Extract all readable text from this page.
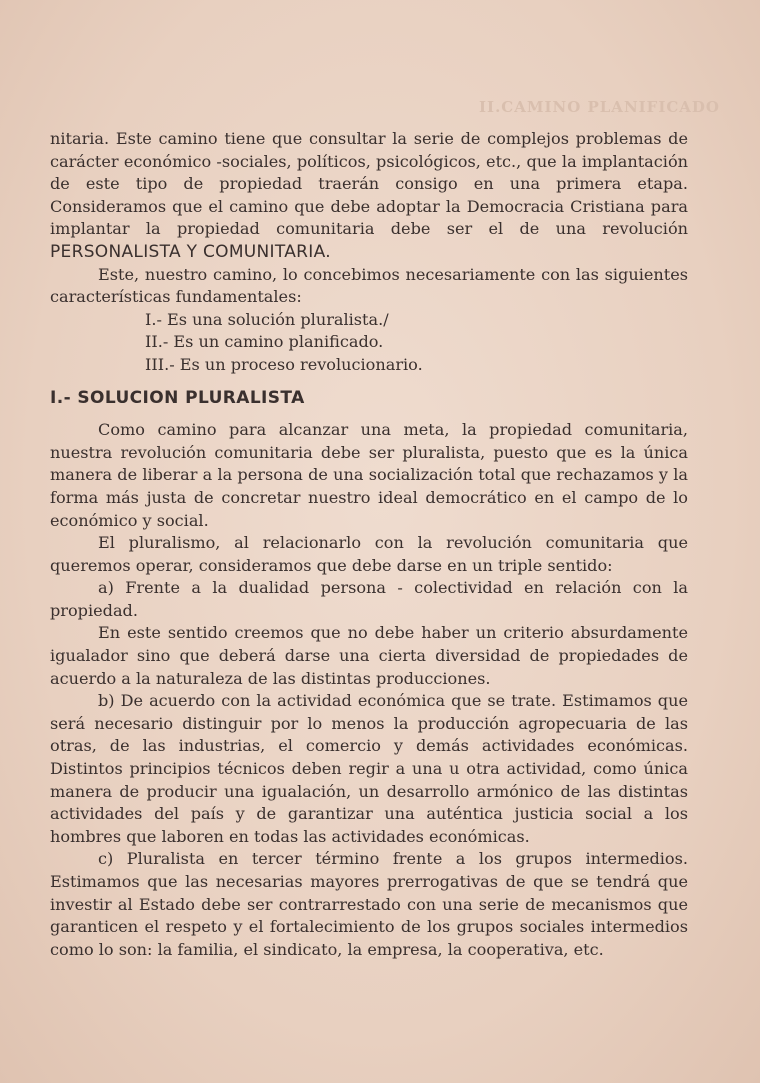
II.CAMINO PLANIFICADO

nitaria. Este camino tiene que consultar la serie de complejos problemas de carácter económico -sociales, políticos, psicológicos, etc., que la implantación de este tipo de propiedad traerán consigo en una primera etapa. Consideramos que el camino que debe adoptar la Democracia Cristiana para implantar la propiedad comunitaria debe ser el de una revolución PERSONALISTA Y COMUNITARIA.

Este, nuestro camino, lo concebimos necesariamente con las siguientes características fundamentales:

I.- Es una solución pluralista./
II.- Es un camino planificado.
III.- Es un proceso revolucionario.
I.- SOLUCION PLURALISTA

Como camino para alcanzar una meta, la propiedad comunitaria, nuestra revolución comunitaria debe ser pluralista, puesto que es la única manera de liberar a la persona de una socialización total que rechazamos y la forma más justa de concretar nuestro ideal democrático en el campo de lo económico y social.

El pluralismo, al relacionarlo con la revolución comunitaria que queremos operar, consideramos que debe darse en un triple sentido:

a) Frente a la dualidad persona - colectividad en relación con la propiedad.

En este sentido creemos que no debe haber un criterio absurdamente igualador sino que deberá darse una cierta diversidad de propiedades de acuerdo a la naturaleza de las distintas producciones.

b) De acuerdo con la actividad económica que se trate. Estimamos que será necesario distinguir por lo menos la producción agropecuaria de las otras, de las industrias, el comercio y demás actividades económicas. Distintos principios técnicos deben regir a una u otra actividad, como única manera de producir una igualación, un desarrollo armónico de las distintas actividades del país y de garantizar una auténtica justicia social a los hombres que laboren en todas las actividades económicas.

c) Pluralista en tercer término frente a los grupos intermedios. Estimamos que las necesarias mayores prerrogativas de que se tendrá que investir al Estado debe ser contrarrestado con una serie de mecanismos que garanticen el respeto y el fortalecimiento de los grupos sociales intermedios como lo son: la familia, el sindicato, la empresa, la cooperativa, etc.
